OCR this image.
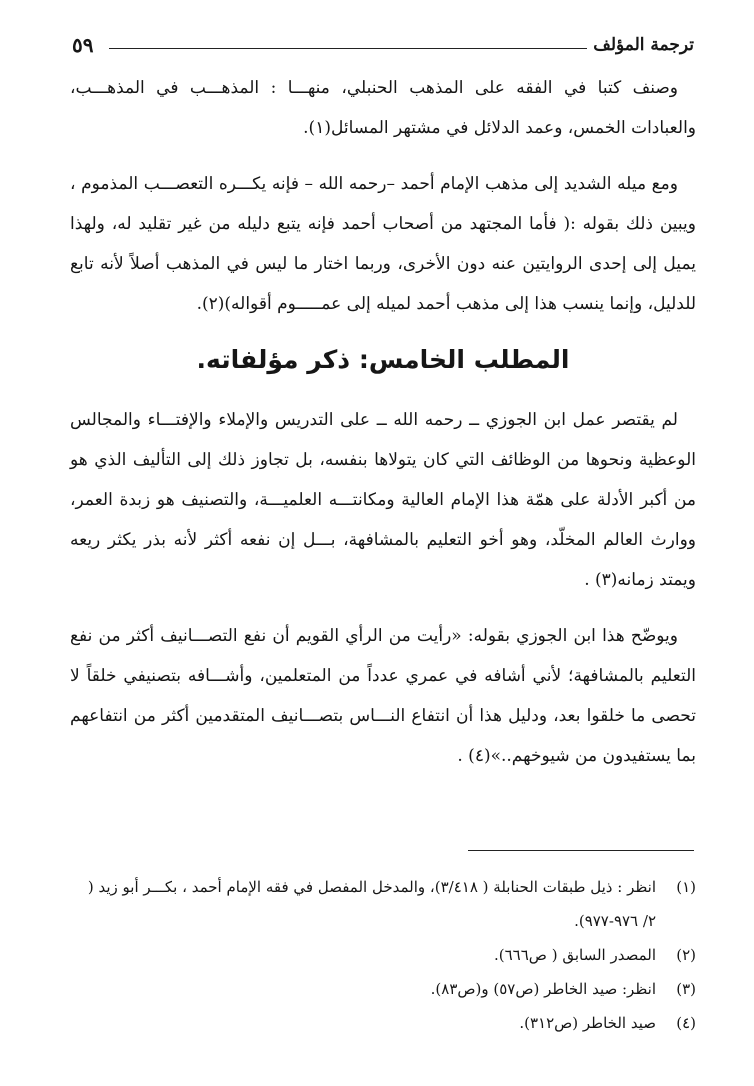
ترجمة المؤلف
٥٩

وصنف كتبا في الفقه على المذهب الحنبلي، منهـــا : المذهـــب في المذهـــب، والعبادات الخمس، وعمد الدلائل في مشتهر المسائل(١).

ومع ميله الشديد إلى مذهب الإمام أحمد –رحمه الله – فإنه يكـــره التعصـــب المذموم ، ويبين ذلك بقوله :( فأما المجتهد من أصحاب أحمد فإنه يتبع دليله من غير تقليد له، ولهذا يميل إلى إحدى الروايتين عنه دون الأخرى، وربما اختار ما ليس في المذهب أصلاً لأنه تابع للدليل، وإنما ينسب هذا إلى مذهب أحمد لميله إلى عمـــــوم أقواله)(٢).

المطلب الخامس: ذكر مؤلفاته.

لم يقتصر عمل ابن الجوزي ــ رحمه الله ــ على التدريس والإملاء والإفتـــاء والمجالس الوعظية ونحوها من الوظائف التي كان يتولاها بنفسه، بل تجاوز ذلك إلى التأليف الذي هو من أكبر الأدلة على همّة هذا الإمام العالية ومكانتـــه العلميـــة، والتصنيف هو زبدة العمر، ووارث العالم المخلّد، وهو أخو التعليم بالمشافهة، بـــل إن نفعه أكثر لأنه بذر يكثر ريعه ويمتد زمانه(٣) .

ويوضّح هذا ابن الجوزي بقوله: «رأيت من الرأي القويم أن نفع التصـــانيف أكثر من نفع التعليم بالمشافهة؛ لأني أشافه في عمري عدداً من المتعلمين، وأشـــافه بتصنيفي خلقاً لا تحصى ما خلقوا بعد، ودليل هذا أن انتفاع النـــاس بتصـــانيف المتقدمين أكثر من انتفاعهم بما يستفيدون من شيوخهم..»(٤) .

(١)
انظر : ذيل طبقات الحنابلة ( ٣/٤١٨)، والمدخل المفصل في فقه الإمام أحمد ، بكـــر أبو زيد ( ٢/ ٩٧٦-٩٧٧).
(٢)
المصدر السابق ( ص٦٦٦).
(٣)
انظر: صيد الخاطر (ص٥٧) و(ص٨٣).
(٤)
صيد الخاطر (ص٣١٢).
